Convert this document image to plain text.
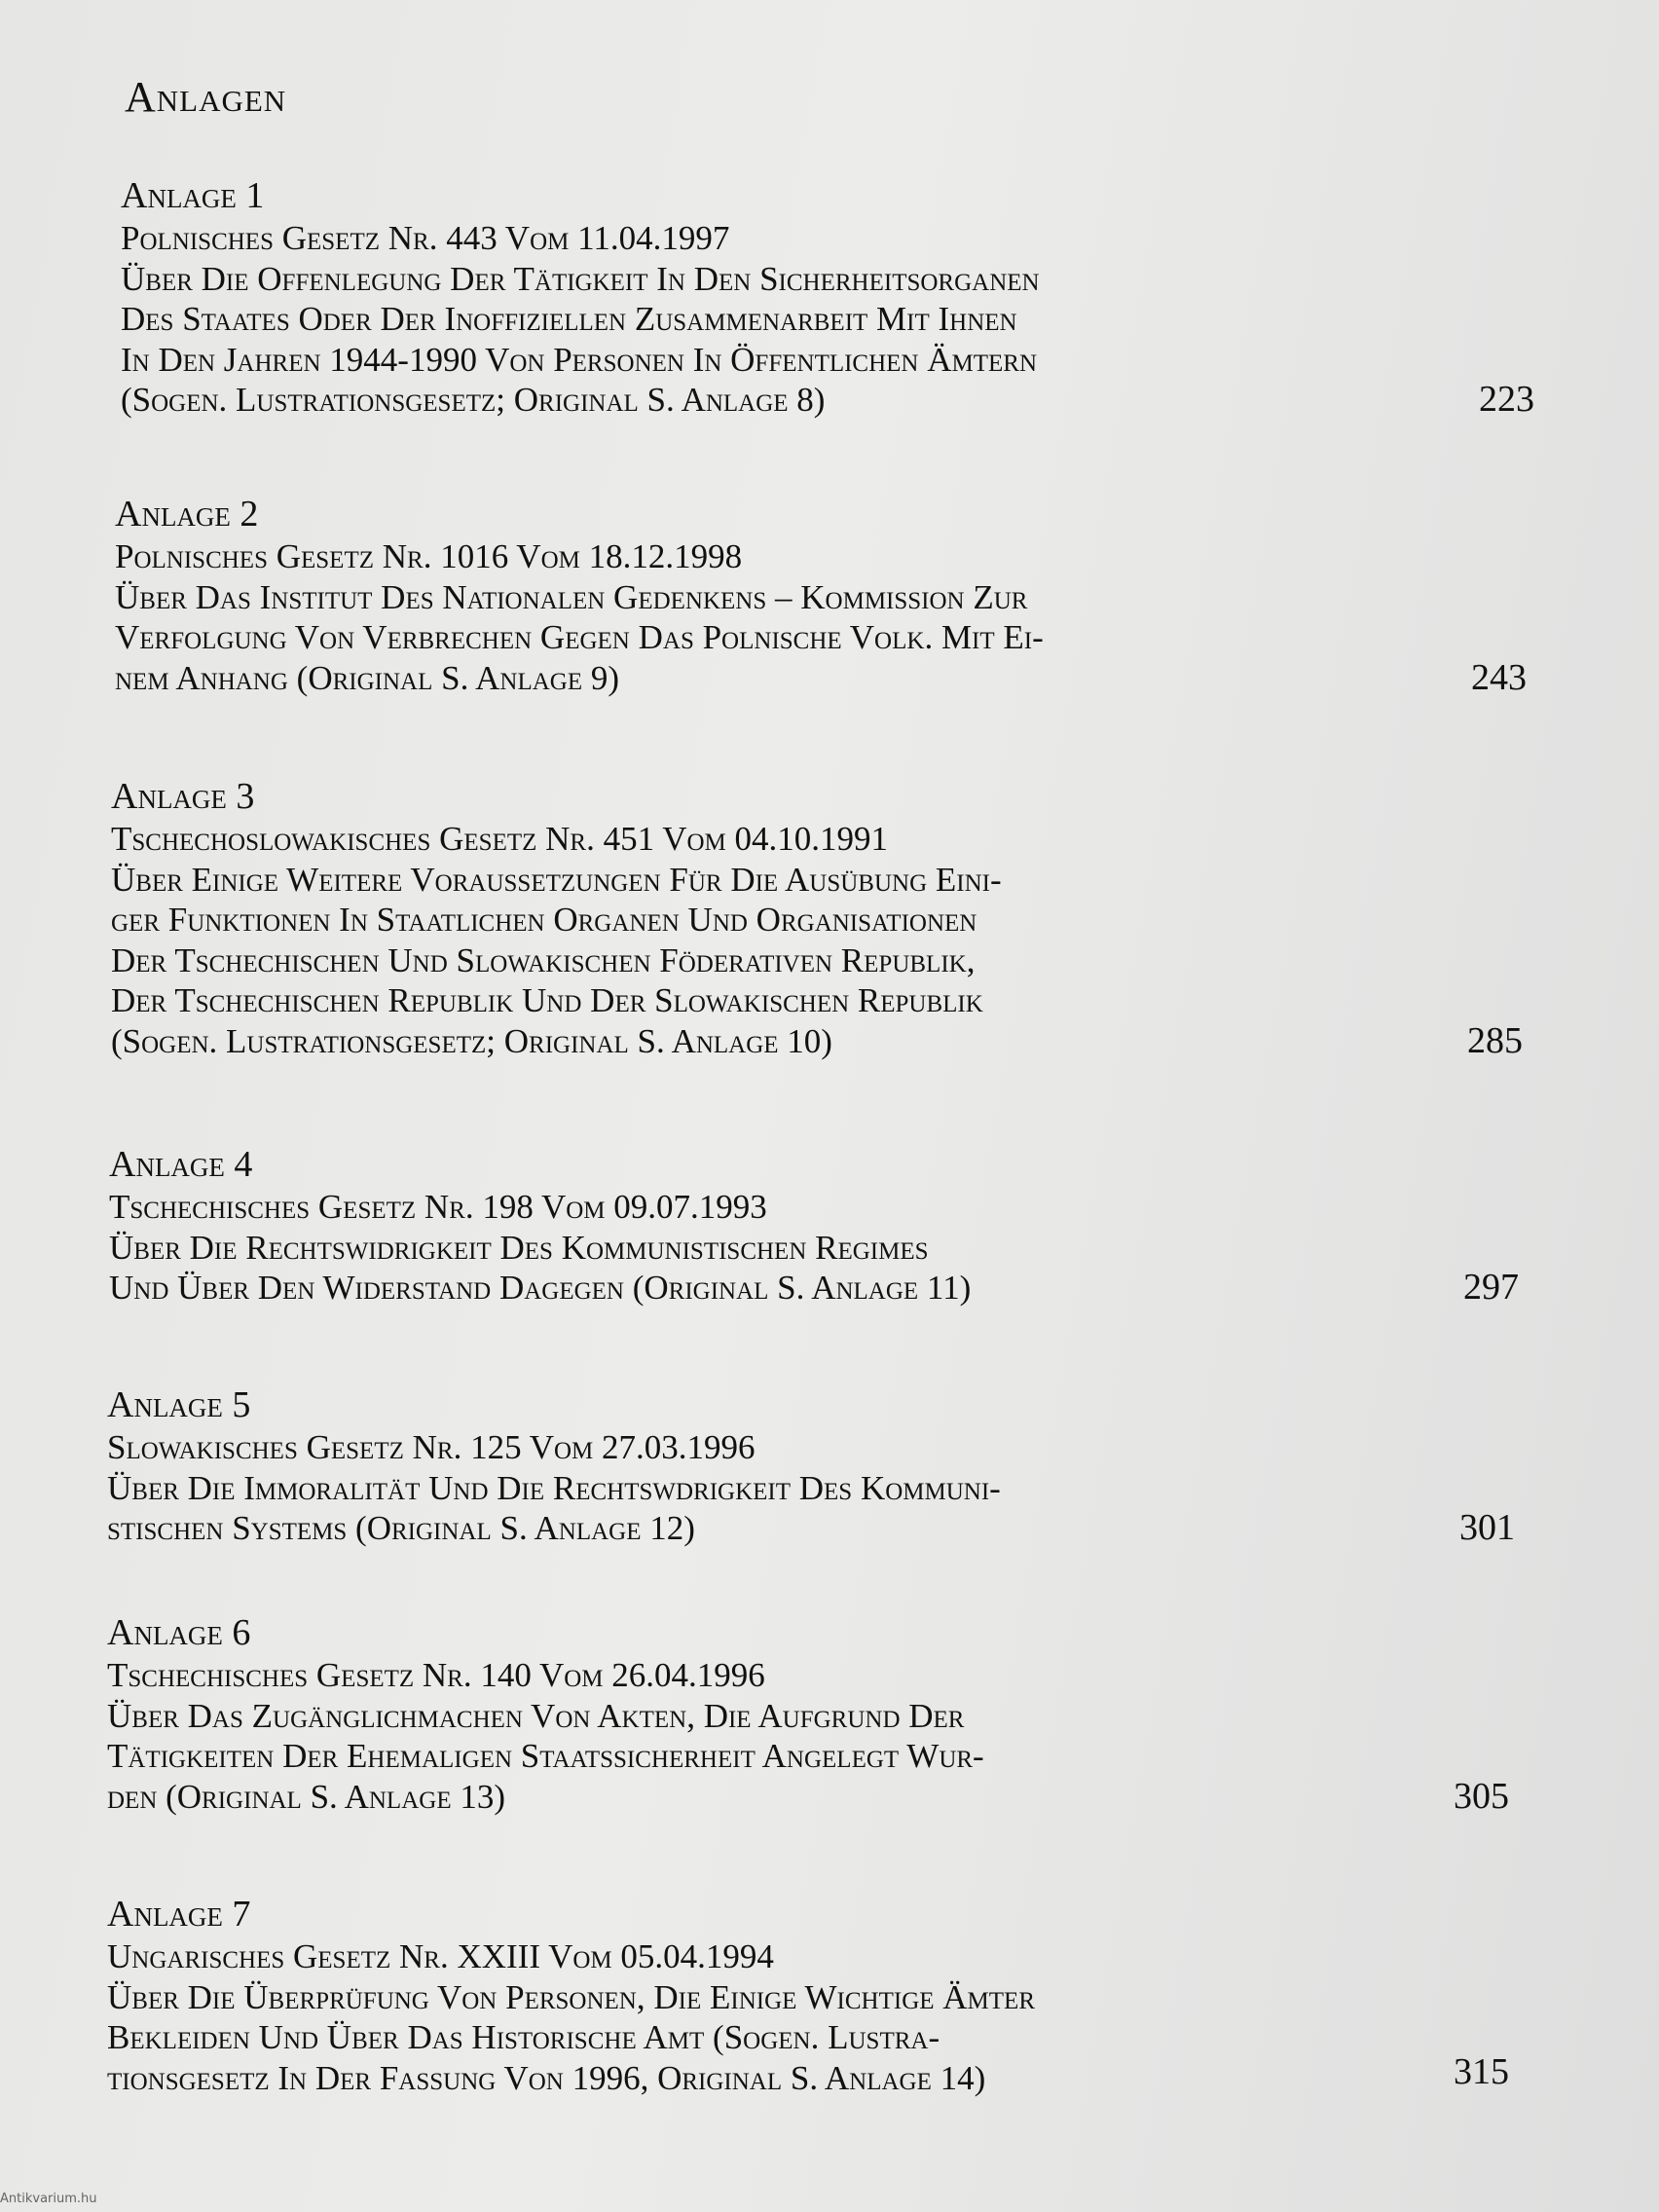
Anlagen
Anlage 1
Polnisches Gesetz Nr. 443 Vom 11.04.1997
Über Die Offenlegung Der Tätigkeit In Den Sicherheitsorganen
Des Staates Oder Der Inoffiziellen Zusammenarbeit Mit Ihnen
In Den Jahren 1944-1990 Von Personen In Öffentlichen Ämtern
(Sogen. Lustrationsgesetz; Original S. Anlage 8)	223
Anlage 2
Polnisches Gesetz Nr. 1016 Vom 18.12.1998
Über Das Institut Des Nationalen Gedenkens – Kommission Zur
Verfolgung Von Verbrechen Gegen Das Polnische Volk. Mit Ei-
nem Anhang (Original S. Anlage 9)	243
Anlage 3
Tschechoslowakisches Gesetz Nr. 451 Vom 04.10.1991
Über Einige Weitere Voraussetzungen Für Die Ausübung Eini-
ger Funktionen In Staatlichen Organen Und Organisationen
Der Tschechischen Und Slowakischen Föderativen Republik,
Der Tschechischen Republik Und Der Slowakischen Republik
(Sogen. Lustrationsgesetz; Original S. Anlage 10)	285
Anlage 4
Tschechisches Gesetz Nr. 198 Vom 09.07.1993
Über Die Rechtswidrigkeit Des Kommunistischen Regimes
Und Über Den Widerstand Dagegen (Original S. Anlage 11)	297
Anlage 5
Slowakisches Gesetz Nr. 125 Vom 27.03.1996
Über Die Immoralität Und Die Rechtswdrigkeit Des Kommuni-
stischen Systems (Original S. Anlage 12)	301
Anlage 6
Tschechisches Gesetz Nr. 140 Vom 26.04.1996
Über Das Zugänglichmachen Von Akten, Die Aufgrund Der
Tätigkeiten Der Ehemaligen Staatssicherheit Angelegt Wur-
den (Original S. Anlage 13)	305
Anlage 7
Ungarisches Gesetz Nr. XXIII Vom 05.04.1994
Über Die Überprüfung Von Personen, Die Einige Wichtige Ämter
Bekleiden Und Über Das Historische Amt (Sogen. Lustra-
tionsgesetz In Der Fassung Von 1996, Original S. Anlage 14)	315
Antikvarium.hu
